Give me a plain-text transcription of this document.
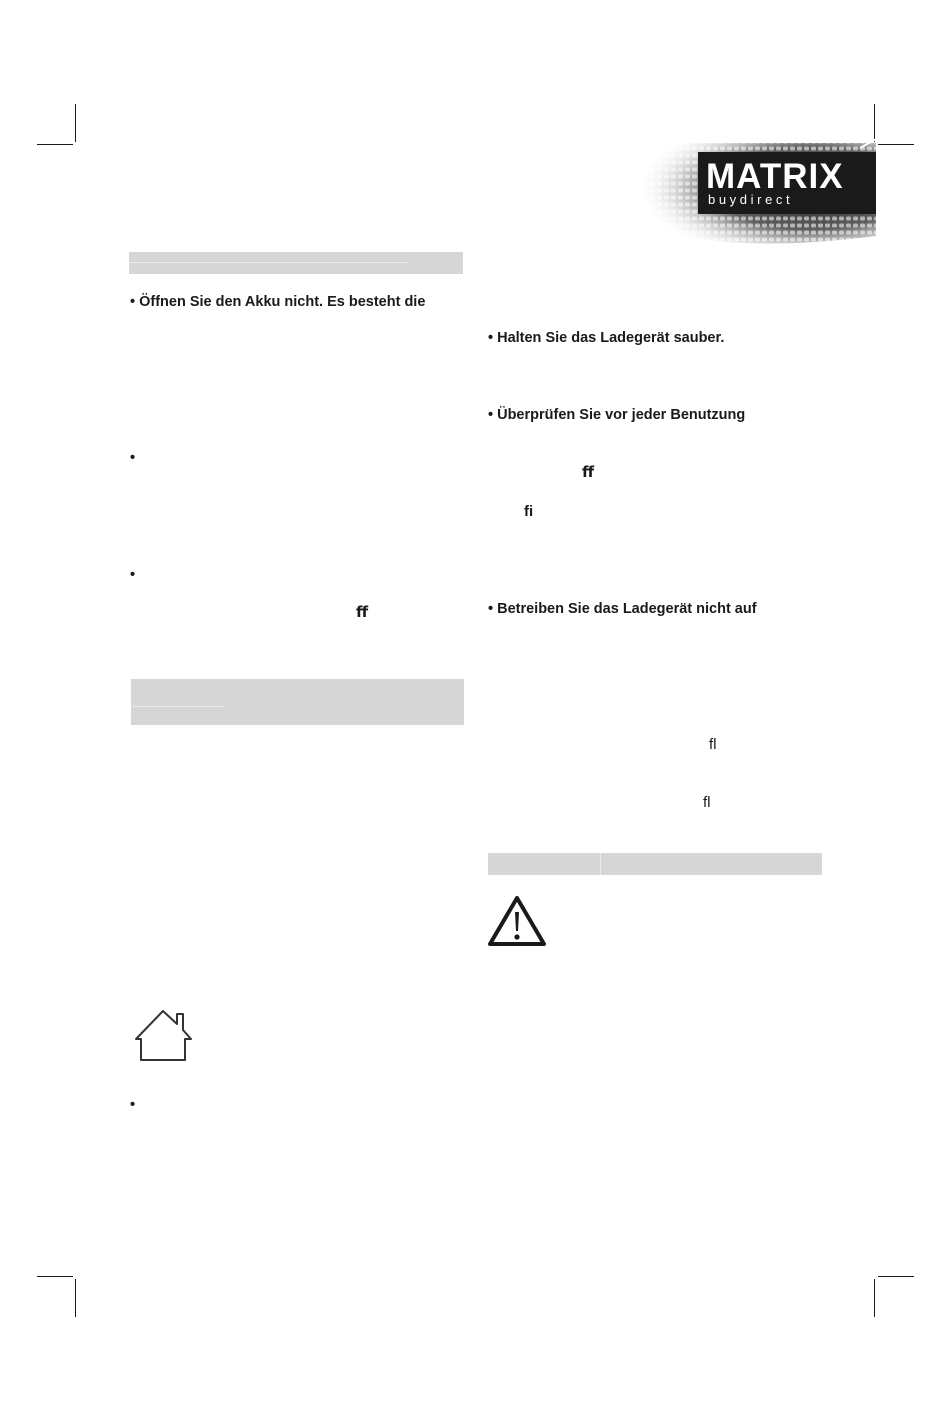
MATRIX
b u y d i r e c t
• Öffnen Sie den Akku nicht. Es besteht die
•
•
ﬀ
•
• Halten Sie das Ladegerät sauber.
• Überprüfen Sie vor jeder Benutzung
ﬀ
ﬁ
• Betreiben Sie das Ladegerät nicht auf
ﬂ
ﬂ
